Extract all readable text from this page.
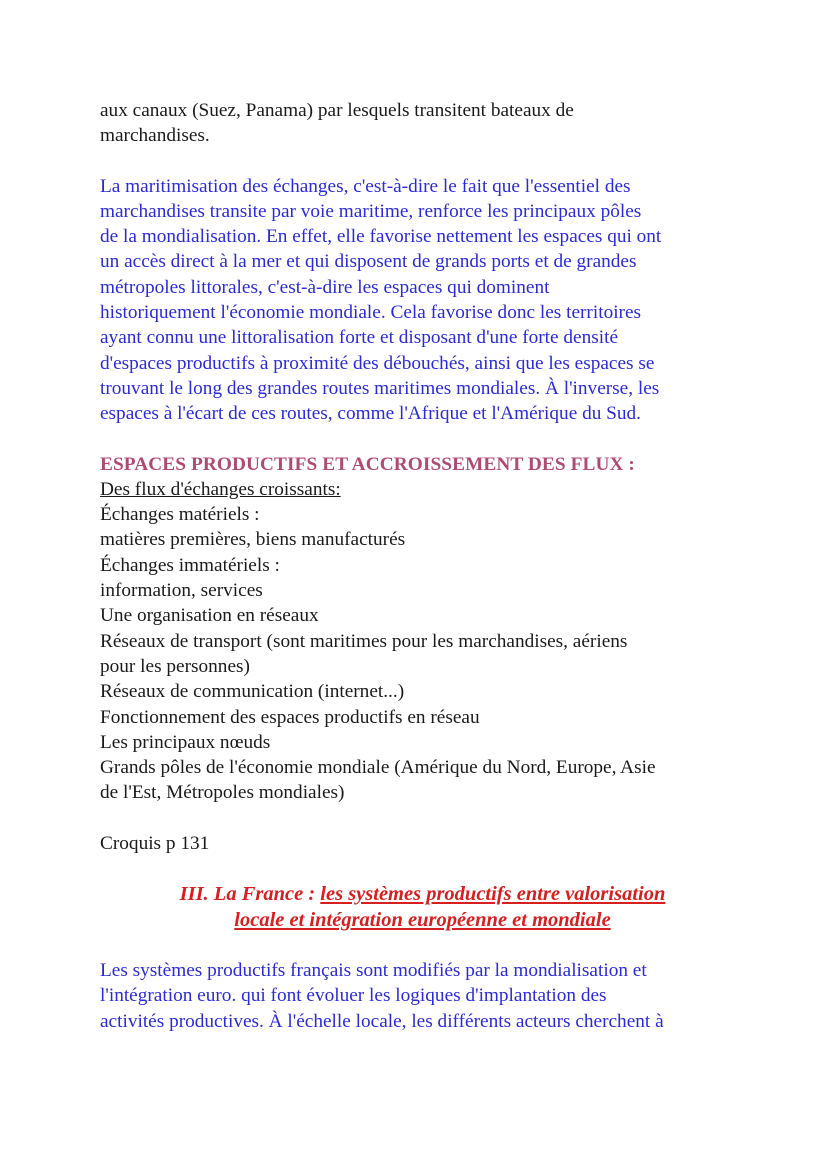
aux canaux (Suez, Panama) par lesquels transitent bateaux de

marchandises.

La maritimisation des échanges, c'est-à-dire le fait que l'essentiel des

marchandises transite par voie maritime, renforce les principaux pôles

de la mondialisation. En effet, elle favorise nettement les espaces qui ont

un accès direct à la mer et qui disposent de grands ports et de grandes

métropoles littorales, c'est-à-dire les espaces qui dominent

historiquement l'économie mondiale. Cela favorise donc les territoires

ayant connu une littoralisation forte et disposant d'une forte densité

d'espaces productifs à proximité des débouchés, ainsi que les espaces se

trouvant le long des grandes routes maritimes mondiales. À l'inverse, les

espaces à l'écart de ces routes, comme l'Afrique et l'Amérique du Sud.

ESPACES PRODUCTIFS ET ACCROISSEMENT DES FLUX :

Des flux d'échanges croissants:

Échanges matériels :

matières premières, biens manufacturés

Échanges immatériels :

information, services

Une organisation en réseaux

Réseaux de transport (sont maritimes pour les marchandises, aériens

pour les personnes)

Réseaux de communication (internet...)

Fonctionnement des espaces productifs en réseau

Les principaux nœuds

Grands pôles de l'économie mondiale (Amérique du Nord, Europe, Asie

de l'Est, Métropoles mondiales)

Croquis p 131

III. La France : les systèmes productifs entre valorisation
locale et intégration européenne et mondiale

Les systèmes productifs français sont modifiés par la mondialisation et

l'intégration euro. qui font évoluer les logiques d'implantation des

activités productives. À l'échelle locale, les différents acteurs cherchent à
